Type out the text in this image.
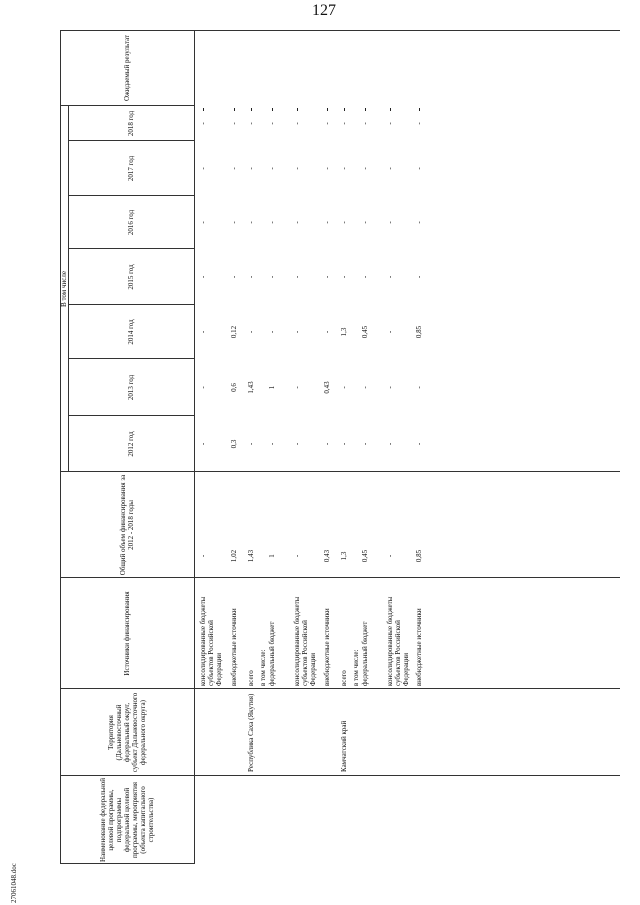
127
27061048.doc
Наименование федеральной целевой программы, подпрограммы федеральной целевой программы, мероприятия (объекта капитального строительства)
Территория (Дальневосточный федеральный округ, субъект Дальневосточного федерального округа)
Источники финансирования
Общий объем финансирования за 2012 - 2018 годы
В том числе
2012 год
2013 год
2014 год
2015 год
2016 год
2017 год
2018 год
Ожидаемый результат
консолидированные бюджеты субъектов Российской Федерации
-
-
-
-
-
-
-
-
внебюджетные источники
1,02
0,3
0,6
0,12
-
-
-
-
Республика Саха (Якутия)
всего
1,43
-
1,43
-
-
-
-
-
в том числе: федеральный бюджет
1
-
1
-
-
-
-
-
консолидированные бюджеты субъектов Российской Федерации
-
-
-
-
-
-
-
-
внебюджетные источники
0,43
-
0,43
-
-
-
-
-
Камчатский край
всего
1,3
-
-
1,3
-
-
-
-
в том числе: федеральный бюджет
0,45
-
-
0,45
-
-
-
-
консолидированные бюджеты субъектов Российской Федерации
-
-
-
-
-
-
-
-
внебюджетные источники
0,85
-
-
0,85
-
-
-
-
